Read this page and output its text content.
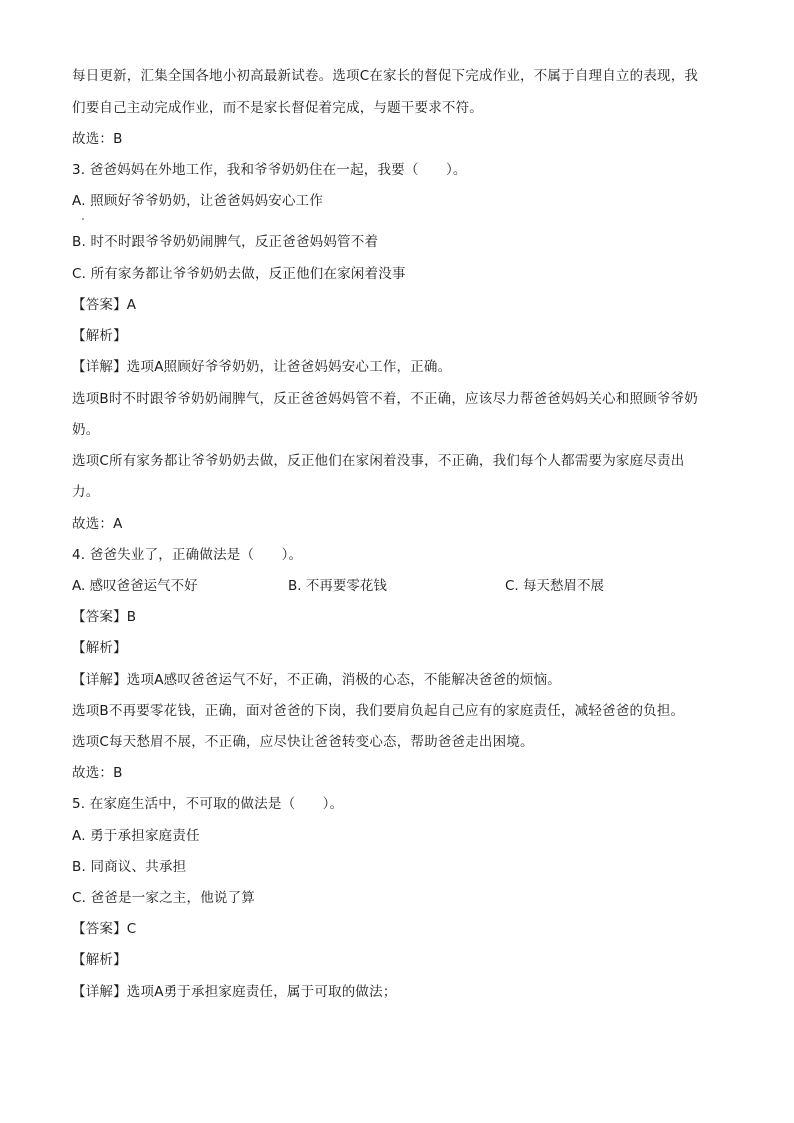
每日更新，汇集全国各地小初高最新试卷。选项C在家长的督促下完成作业，不属于自理自立的表现，我
们要自己主动完成作业，而不是家长督促着完成，与题干要求不符。
故选：B
3. 爸爸妈妈在外地工作，我和爷爷奶奶住在一起，我要（　　）。
A. 照顾好爷爷奶奶，让爸爸妈妈安心工作
B. 时不时跟爷爷奶奶闹脾气，反正爸爸妈妈管不着
C. 所有家务都让爷爷奶奶去做，反正他们在家闲着没事
【答案】A
【解析】
【详解】选项A照顾好爷爷奶奶，让爸爸妈妈安心工作，正确。
选项B时不时跟爷爷奶奶闹脾气，反正爸爸妈妈管不着，不正确，应该尽力帮爸爸妈妈关心和照顾爷爷奶
奶。
选项C所有家务都让爷爷奶奶去做，反正他们在家闲着没事，不正确，我们每个人都需要为家庭尽责出
力。
故选：A
4. 爸爸失业了，正确做法是（　　）。
A. 感叹爸爸运气不好	B. 不再要零花钱	C. 每天愁眉不展
【答案】B
【解析】
【详解】选项A感叹爸爸运气不好，不正确，消极的心态，不能解决爸爸的烦恼。
选项B不再要零花钱，正确，面对爸爸的下岗，我们要肩负起自己应有的家庭责任，减轻爸爸的负担。
选项C每天愁眉不展，不正确，应尽快让爸爸转变心态，帮助爸爸走出困境。
故选：B
5. 在家庭生活中，不可取的做法是（　　）。
A. 勇于承担家庭责任
B. 同商议、共承担
C. 爸爸是一家之主，他说了算
【答案】C
【解析】
【详解】选项A勇于承担家庭责任，属于可取的做法；
